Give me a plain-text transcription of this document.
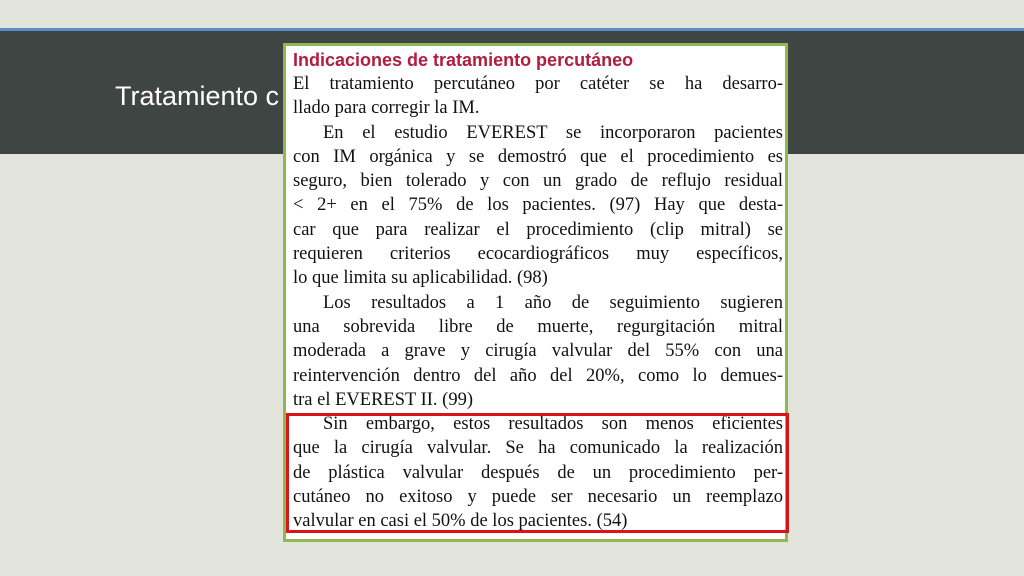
Tratamiento c

Indicaciones de tratamiento percutáneo

El tratamiento percutáneo por catéter se ha desarro-

llado para corregir la IM.

En el estudio EVEREST se incorporaron pacientes

con IM orgánica y se demostró que el procedimiento es

seguro, bien tolerado y con un grado de reflujo residual

< 2+ en el 75% de los pacientes. (97) Hay que desta-

car que para realizar el procedimiento (clip mitral) se

requieren criterios ecocardiográficos muy específicos,

lo que limita su aplicabilidad. (98)

Los resultados a 1 año de seguimiento sugieren

una sobrevida libre de muerte, regurgitación mitral

moderada a grave y cirugía valvular del 55% con una

reintervención dentro del año del 20%, como lo demues-

tra el EVEREST II. (99)

Sin embargo, estos resultados son menos eficientes

que la cirugía valvular. Se ha comunicado la realización

de plástica valvular después de un procedimiento per-

cutáneo no exitoso y puede ser necesario un reemplazo

valvular en casi el 50% de los pacientes. (54)
